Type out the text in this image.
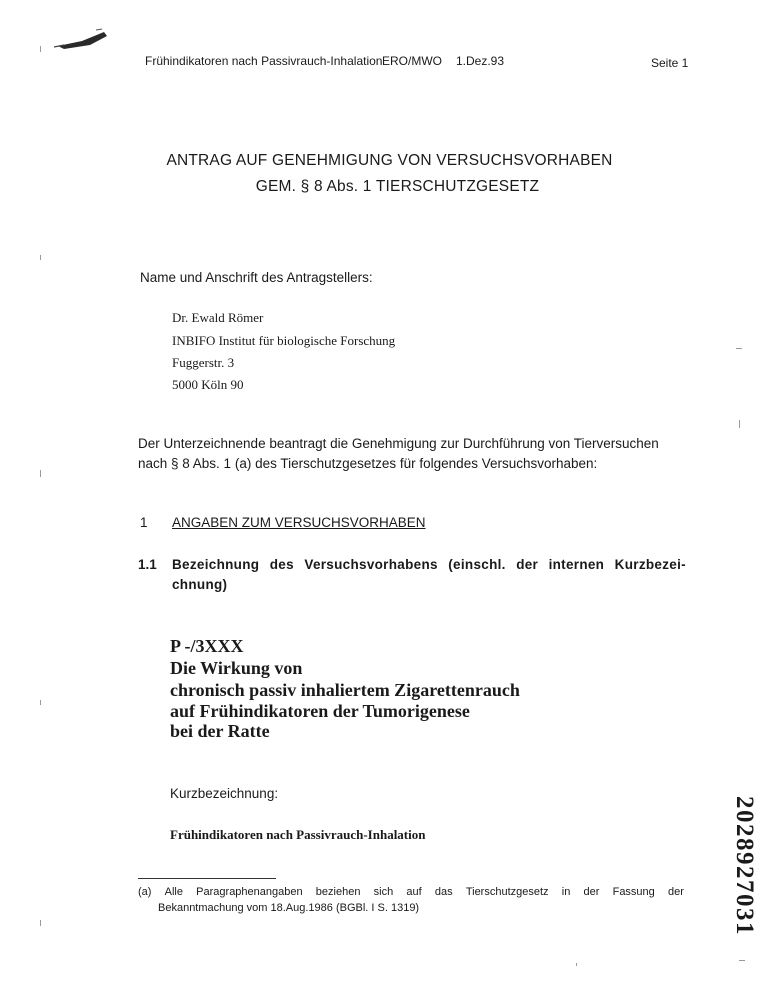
Frühindikatoren nach Passivrauch-Inhalation ERO/MWO 1.Dez.93	Seite 1
ANTRAG AUF GENEHMIGUNG VON VERSUCHSVORHABEN
GEM. § 8 Abs. 1 TIERSCHUTZGESETZ
Name und Anschrift des Antragstellers:
Dr. Ewald Römer
INBIFO Institut für biologische Forschung
Fuggerstr. 3
5000 Köln 90
Der Unterzeichnende beantragt die Genehmigung zur Durchführung von Tierversuchen
nach § 8 Abs. 1 (a) des Tierschutzgesetzes für folgendes Versuchsvorhaben:
1 ANGABEN ZUM VERSUCHSVORHABEN
1.1 Bezeichnung des Versuchsvorhabens (einschl. der internen Kurzbezei-
chnung)
P -/3XXX
Die Wirkung von
chronisch passiv inhaliertem Zigarettenrauch
auf Frühindikatoren der Tumorigenese
bei der Ratte
Kurzbezeichnung:
Frühindikatoren nach Passivrauch-Inhalation
(a) Alle Paragraphenangaben beziehen sich auf das Tierschutzgesetz in der Fassung der
Bekanntmachung vom 18.Aug.1986 (BGBl. I S. 1319)	2028927031
